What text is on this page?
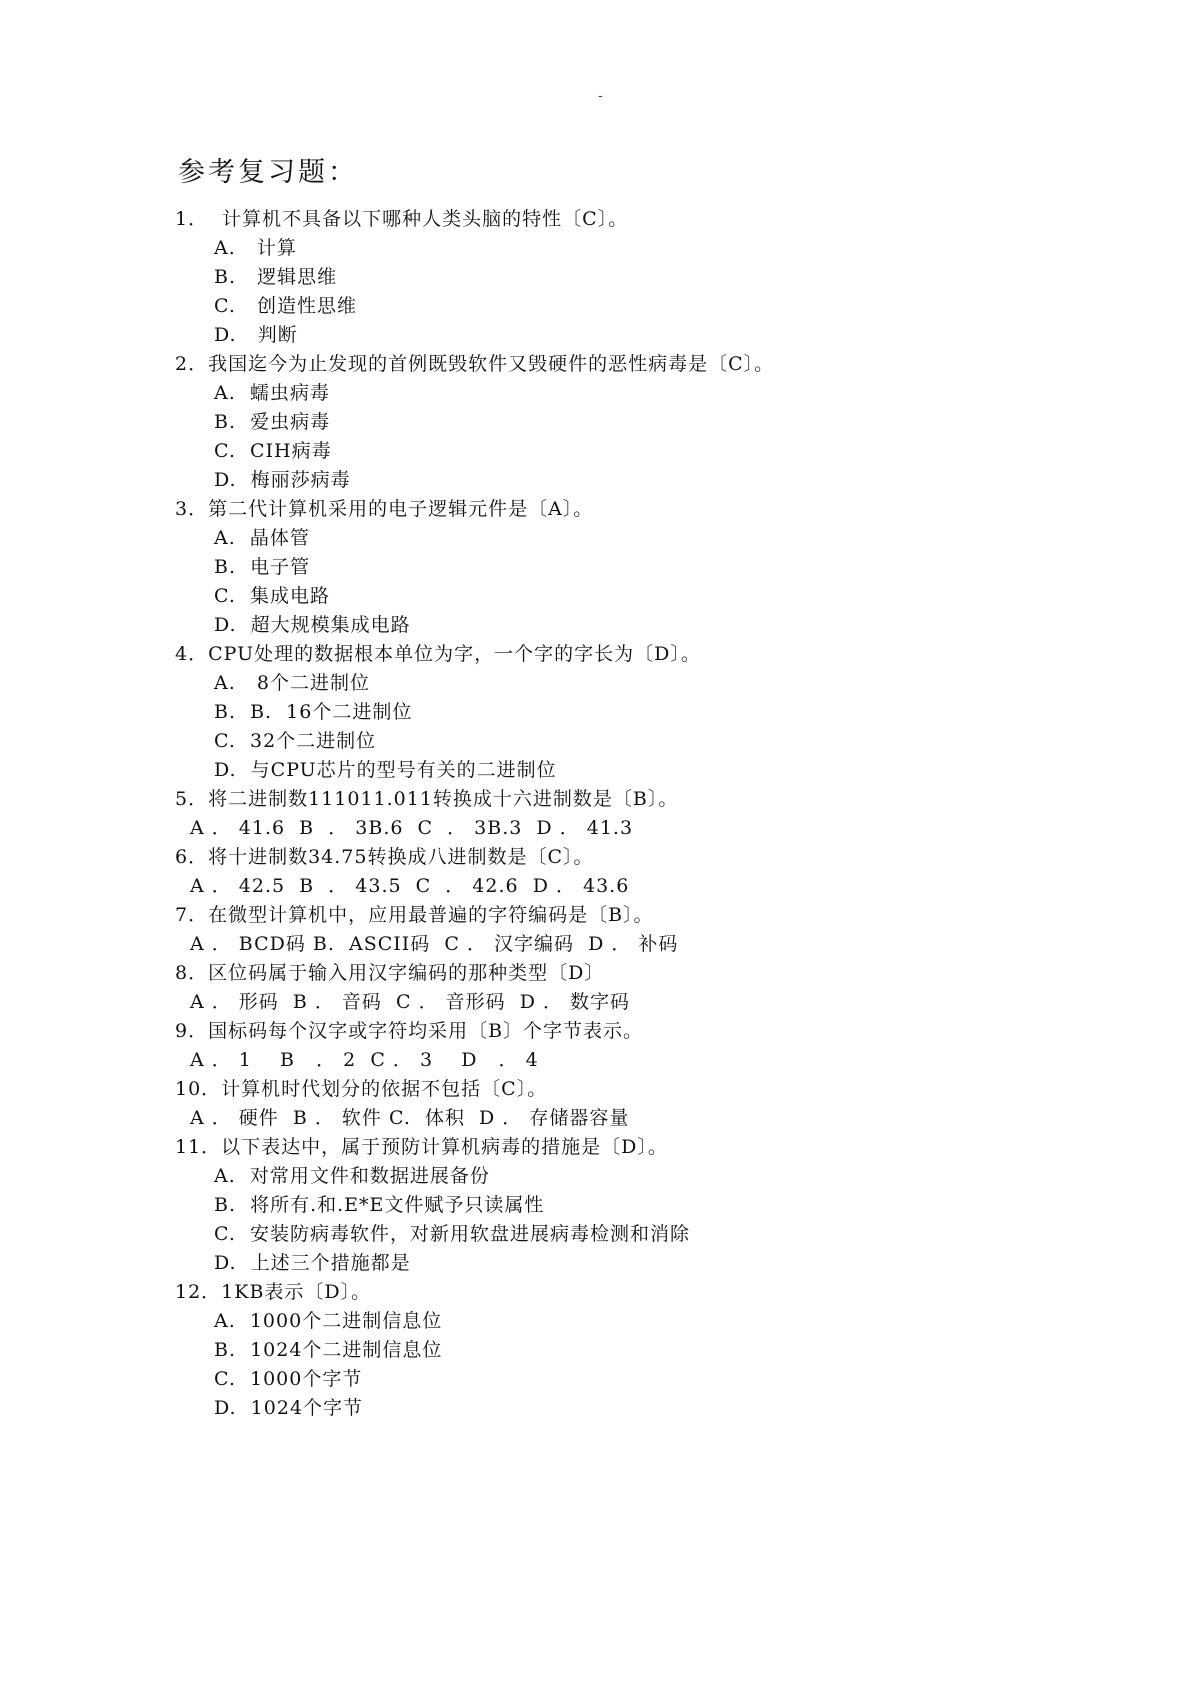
-
参考复习题：
1．  计算机不具备以下哪种人类头脑的特性〔C〕。
A.   计算
B.   逻辑思维
C.   创造性思维
D.   判断
2．我国迄今为止发现的首例既毁软件又毁硬件的恶性病毒是〔C〕。
A.  蠕虫病毒
B.  爱虫病毒
C.  CIH病毒
D.  梅丽莎病毒
3．第二代计算机采用的电子逻辑元件是〔A〕。
A.  晶体管
B.  电子管
C.  集成电路
D.  超大规模集成电路
4．CPU处理的数据根本单位为字，一个字的字长为〔D〕。
A.   8个二进制位
B.  B.  16个二进制位
C.  32个二进制位
D.  与CPU芯片的型号有关的二进制位
5．将二进制数111011.011转换成十六进制数是〔B〕。
A ． 41.6  B  ． 3B.6  C  ． 3B.3  D ． 41.3
6．将十进制数34.75转换成八进制数是〔C〕。
A ． 42.5  B  ． 43.5  C  ． 42.6  D ． 43.6
7．在微型计算机中，应用最普遍的字符编码是〔B〕。
A ． BCD码 B.  ASCII码  C ． 汉字编码  D ． 补码
8．区位码属于输入用汉字编码的那种类型〔D〕
A ． 形码  B ． 音码  C ． 音形码  D ． 数字码
9．国标码每个汉字或字符均采用〔B〕个字节表示。
A ． 1    B   ． 2  C ． 3    D   ． 4
10．计算机时代划分的依据不包括〔C〕。
A ． 硬件  B ． 软件 C.  体积  D ． 存储器容量
11．以下表达中，属于预防计算机病毒的措施是〔D〕。
A.  对常用文件和数据进展备份
B.  将所有.和.E*E文件赋予只读属性
C.  安装防病毒软件，对新用软盘进展病毒检测和消除
D.  上述三个措施都是
12．1KB表示〔D〕。
A.  1000个二进制信息位
B.  1024个二进制信息位
C.  1000个字节
D.  1024个字节
